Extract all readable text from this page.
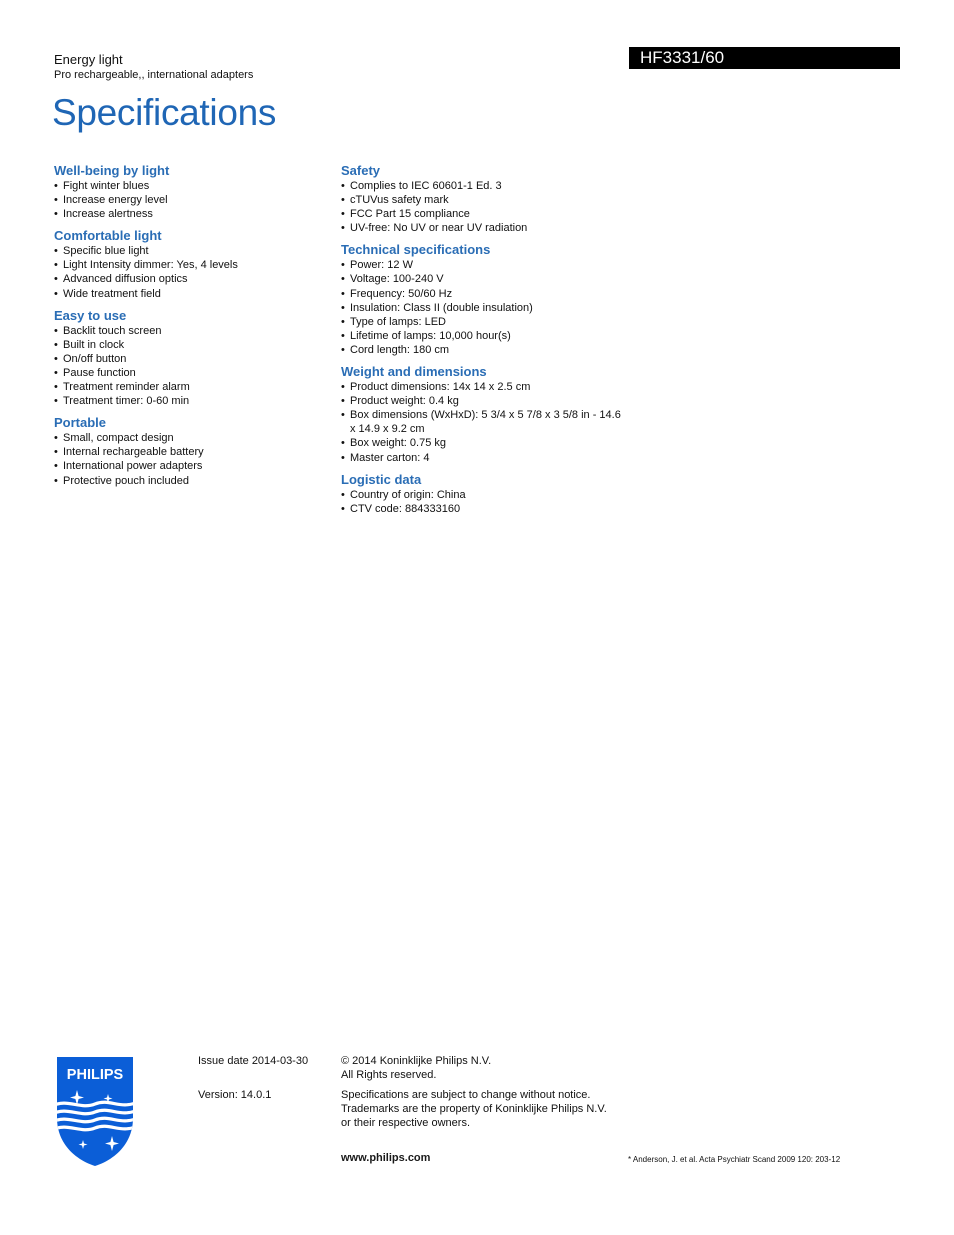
Energy light
Pro rechargeable,, international adapters
HF3331/60
Specifications
Well-being by light
• Fight winter blues
• Increase energy level
• Increase alertness
Comfortable light
• Specific blue light
• Light Intensity dimmer: Yes, 4 levels
• Advanced diffusion optics
• Wide treatment field
Easy to use
• Backlit touch screen
• Built in clock
• On/off button
• Pause function
• Treatment reminder alarm
• Treatment timer: 0-60 min
Portable
• Small, compact design
• Internal rechargeable battery
• International power adapters
• Protective pouch included
Safety
• Complies to IEC 60601-1 Ed. 3
• cTUVus safety mark
• FCC Part 15 compliance
• UV-free: No UV or near UV radiation
Technical specifications
• Power: 12 W
• Voltage: 100-240 V
• Frequency: 50/60 Hz
• Insulation: Class II (double insulation)
• Type of lamps: LED
• Lifetime of lamps: 10,000 hour(s)
• Cord length: 180 cm
Weight and dimensions
• Product dimensions: 14x 14 x 2.5 cm
• Product weight: 0.4 kg
• Box dimensions (WxHxD): 5 3/4 x 5 7/8 x 3 5/8 in - 14.6 x 14.9 x 9.2 cm
• Box weight: 0.75 kg
• Master carton: 4
Logistic data
• Country of origin: China
• CTV code: 884333160
PHILIPS
Issue date 2014-03-30
Version: 14.0.1
© 2014 Koninklijke Philips N.V.
All Rights reserved.
Specifications are subject to change without notice.
Trademarks are the property of Koninklijke Philips N.V.
or their respective owners.
www.philips.com	* Anderson, J. et al. Acta Psychiatr Scand 2009 120: 203-12
